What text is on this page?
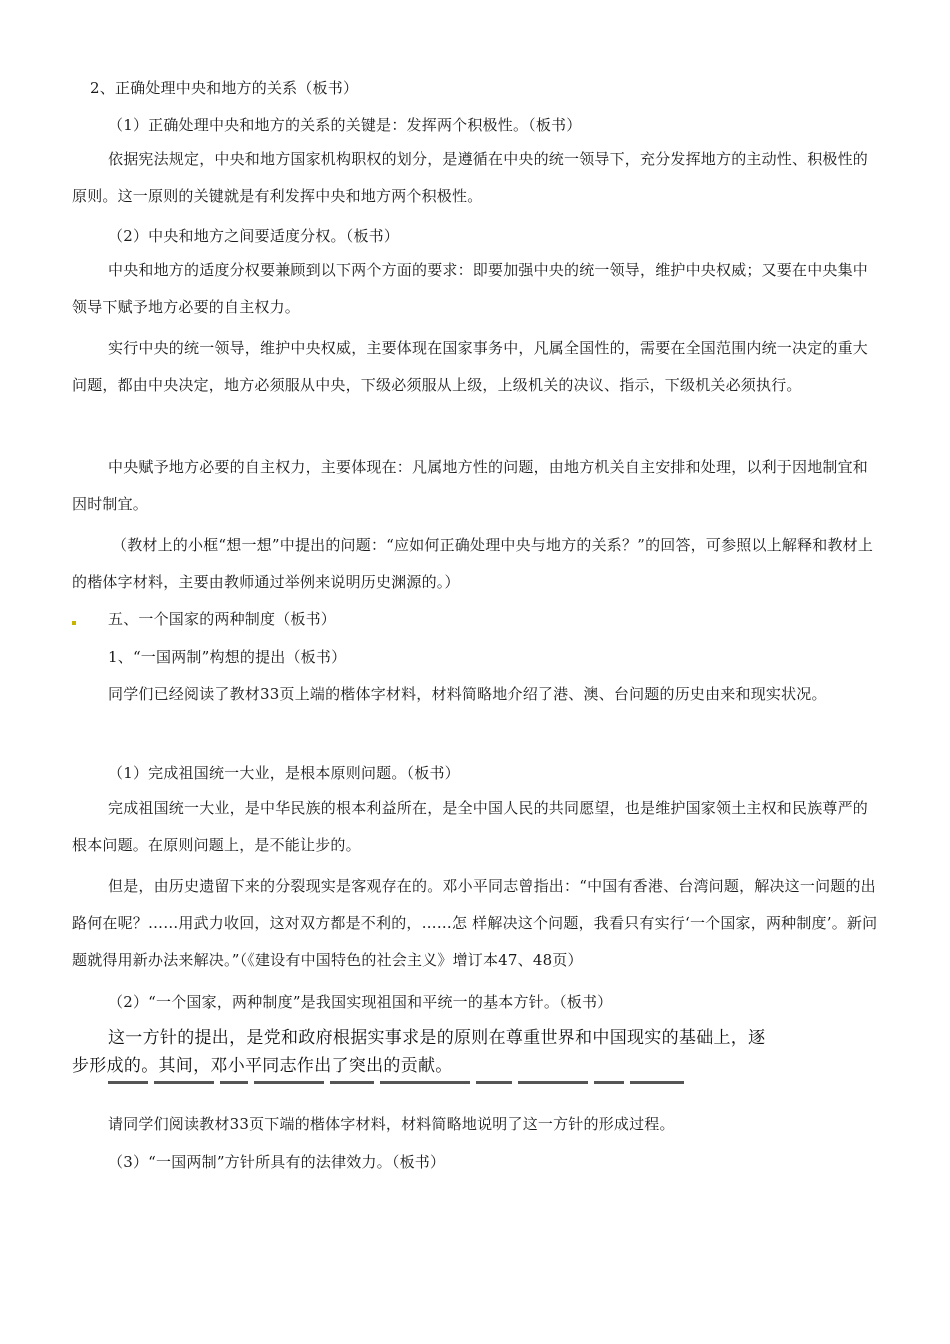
2、正确处理中央和地方的关系（板书）
（1）正确处理中央和地方的关系的关键是：发挥两个积极性。（板书）
依据宪法规定，中央和地方国家机构职权的划分，是遵循在中央的统一领导下，充分发挥地方的主动性、积极性的原则。这一原则的关键就是有利发挥中央和地方两个积极性。
（2）中央和地方之间要适度分权。（板书）
中央和地方的适度分权要兼顾到以下两个方面的要求：即要加强中央的统一领导，维护中央权威；又要在中央集中领导下赋予地方必要的自主权力。
实行中央的统一领导，维护中央权威，主要体现在国家事务中，凡属全国性的，需要在全国范围内统一决定的重大问题，都由中央决定，地方必须服从中央，下级必须服从上级，上级机关的决议、指示，下级机关必须执行。
中央赋予地方必要的自主权力，主要体现在：凡属地方性的问题，由地方机关自主安排和处理，以利于因地制宜和因时制宜。
（教材上的小框“想一想”中提出的问题：“应如何正确处理中央与地方的关系？”的回答，可参照以上解释和教材上的楷体字材料，主要由教师通过举例来说明历史渊源的。）
五、一个国家的两种制度（板书）
1、“一国两制”构想的提出（板书）
同学们已经阅读了教材33页上端的楷体字材料，材料简略地介绍了港、澳、台问题的历史由来和现实状况。
（1）完成祖国统一大业，是根本原则问题。（板书）
完成祖国统一大业，是中华民族的根本利益所在，是全中国人民的共同愿望，也是维护国家领土主权和民族尊严的根本问题。在原则问题上，是不能让步的。
但是，由历史遗留下来的分裂现实是客观存在的。邓小平同志曾指出：“中国有香港、台湾问题，解决这一问题的出路何在呢？……用武力收回，这对双方都是不利的，……怎 样解决这个问题，我看只有实行‘一个国家，两种制度’。新问题就得用新办法来解决。”（《建设有中国特色的社会主义》增订本47、48页）
（2）“一个国家，两种制度”是我国实现祖国和平统一的基本方针。（板书）
这一方针的提出，是党和政府根据实事求是的原则在尊重世界和中国现实的基础上，逐步形成的。其间，邓小平同志作出了突出的贡献。
请同学们阅读教材33页下端的楷体字材料，材料简略地说明了这一方针的形成过程。
（3）“一国两制”方针所具有的法律效力。（板书）
